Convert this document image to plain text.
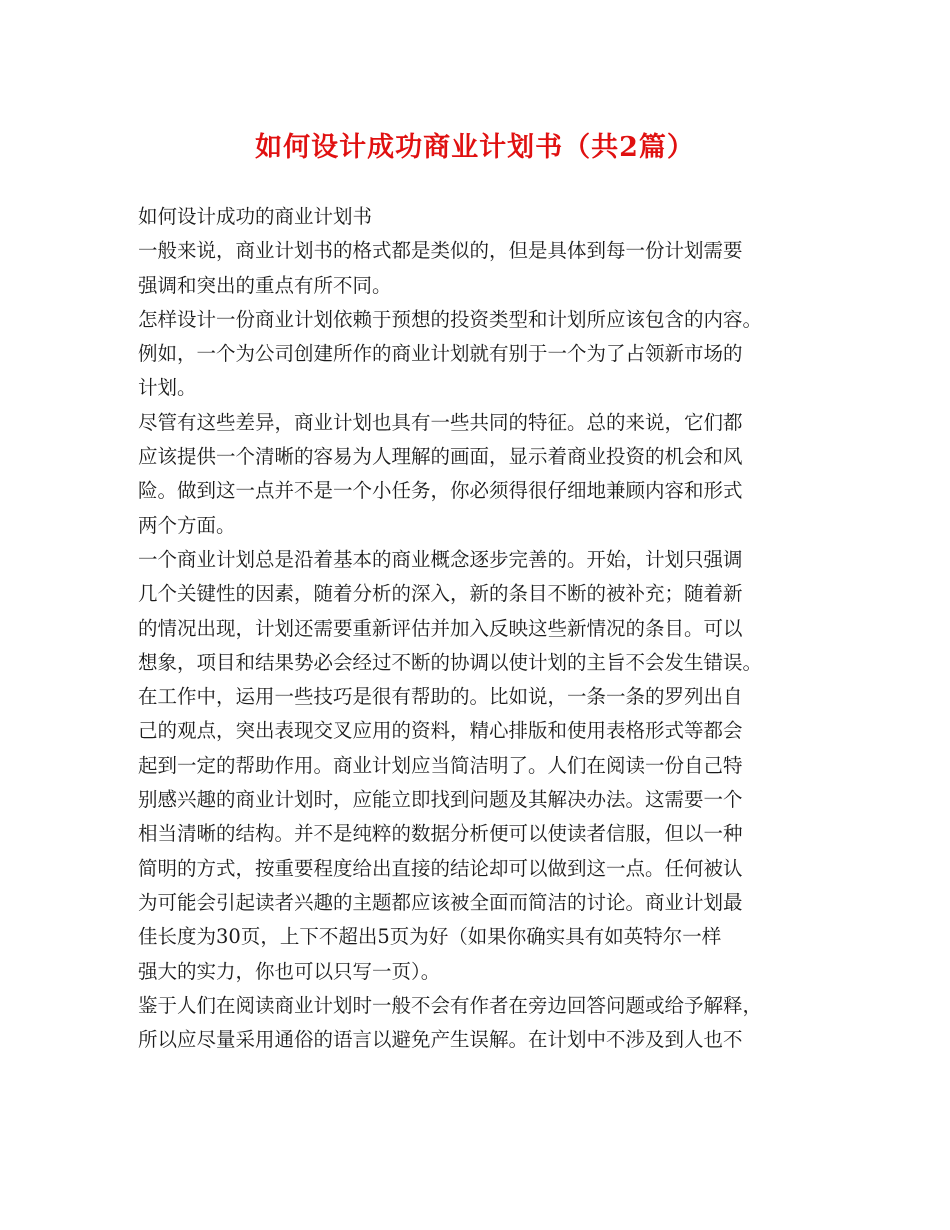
如何设计成功商业计划书（共2篇）
如何设计成功的商业计划书
一般来说，商业计划书的格式都是类似的，但是具体到每一份计划需要
强调和突出的重点有所不同。
怎样设计一份商业计划依赖于预想的投资类型和计划所应该包含的内容。
例如，一个为公司创建所作的商业计划就有别于一个为了占领新市场的
计划。
尽管有这些差异，商业计划也具有一些共同的特征。总的来说，它们都
应该提供一个清晰的容易为人理解的画面，显示着商业投资的机会和风
险。做到这一点并不是一个小任务，你必须得很仔细地兼顾内容和形式
两个方面。
一个商业计划总是沿着基本的商业概念逐步完善的。开始，计划只强调
几个关键性的因素，随着分析的深入，新的条目不断的被补充；随着新
的情况出现，计划还需要重新评估并加入反映这些新情况的条目。可以
想象，项目和结果势必会经过不断的协调以使计划的主旨不会发生错误。
在工作中，运用一些技巧是很有帮助的。比如说，一条一条的罗列出自
己的观点，突出表现交叉应用的资料，精心排版和使用表格形式等都会
起到一定的帮助作用。商业计划应当简洁明了。人们在阅读一份自己特
别感兴趣的商业计划时，应能立即找到问题及其解决办法。这需要一个
相当清晰的结构。并不是纯粹的数据分析便可以使读者信服，但以一种
简明的方式，按重要程度给出直接的结论却可以做到这一点。任何被认
为可能会引起读者兴趣的主题都应该被全面而简洁的讨论。商业计划最
佳长度为30页，上下不超出5页为好（如果你确实具有如英特尔一样
强大的实力，你也可以只写一页）。
鉴于人们在阅读商业计划时一般不会有作者在旁边回答问题或给予解释，
所以应尽量采用通俗的语言以避免产生误解。在计划中不涉及到人也不
